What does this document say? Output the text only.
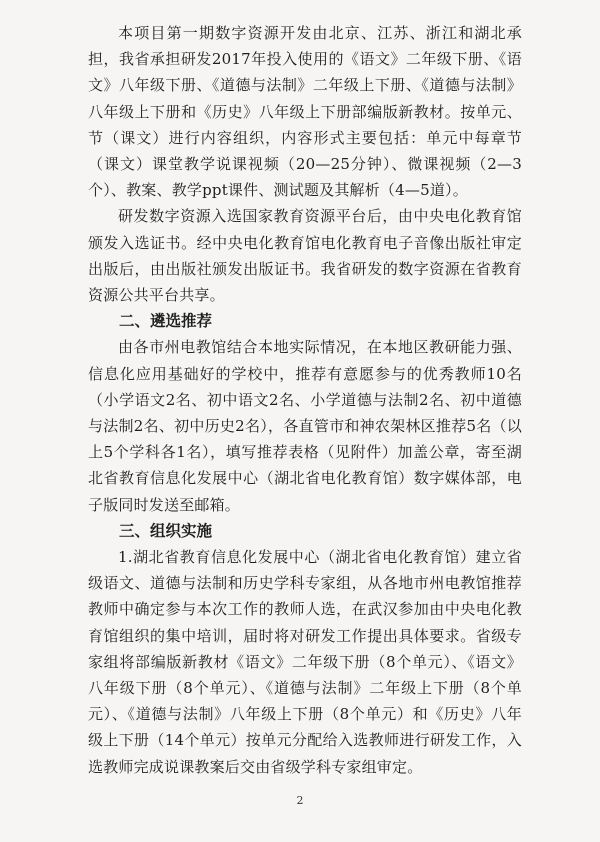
本项目第一期数字资源开发由北京、江苏、浙江和湖北承担，我省承担研发2017年投入使用的《语文》二年级下册、《语文》八年级下册、《道德与法制》二年级上下册、《道德与法制》八年级上下册和《历史》八年级上下册部编版新教材。按单元、节（课文）进行内容组织，内容形式主要包括：单元中每章节（课文）课堂教学说课视频（20—25分钟）、微课视频（2—3个）、教案、教学ppt课件、测试题及其解析（4—5道）。

研发数字资源入选国家教育资源平台后，由中央电化教育馆颁发入选证书。经中央电化教育馆电化教育电子音像出版社审定出版后，由出版社颁发出版证书。我省研发的数字资源在省教育资源公共平台共享。

二、遴选推荐

由各市州电教馆结合本地实际情况，在本地区教研能力强、信息化应用基础好的学校中，推荐有意愿参与的优秀教师10名（小学语文2名、初中语文2名、小学道德与法制2名、初中道德与法制2名、初中历史2名），各直管市和神农架林区推荐5名（以上5个学科各1名），填写推荐表格（见附件）加盖公章，寄至湖北省教育信息化发展中心（湖北省电化教育馆）数字媒体部，电子版同时发送至邮箱。

三、组织实施

1.湖北省教育信息化发展中心（湖北省电化教育馆）建立省级语文、道德与法制和历史学科专家组，从各地市州电教馆推荐教师中确定参与本次工作的教师人选，在武汉参加由中央电化教育馆组织的集中培训，届时将对研发工作提出具体要求。省级专家组将部编版新教材《语文》二年级下册（8个单元）、《语文》八年级下册（8个单元）、《道德与法制》二年级上下册（8个单元）、《道德与法制》八年级上下册（8个单元）和《历史》八年级上下册（14个单元）按单元分配给入选教师进行研发工作，入选教师完成说课教案后交由省级学科专家组审定。

2
